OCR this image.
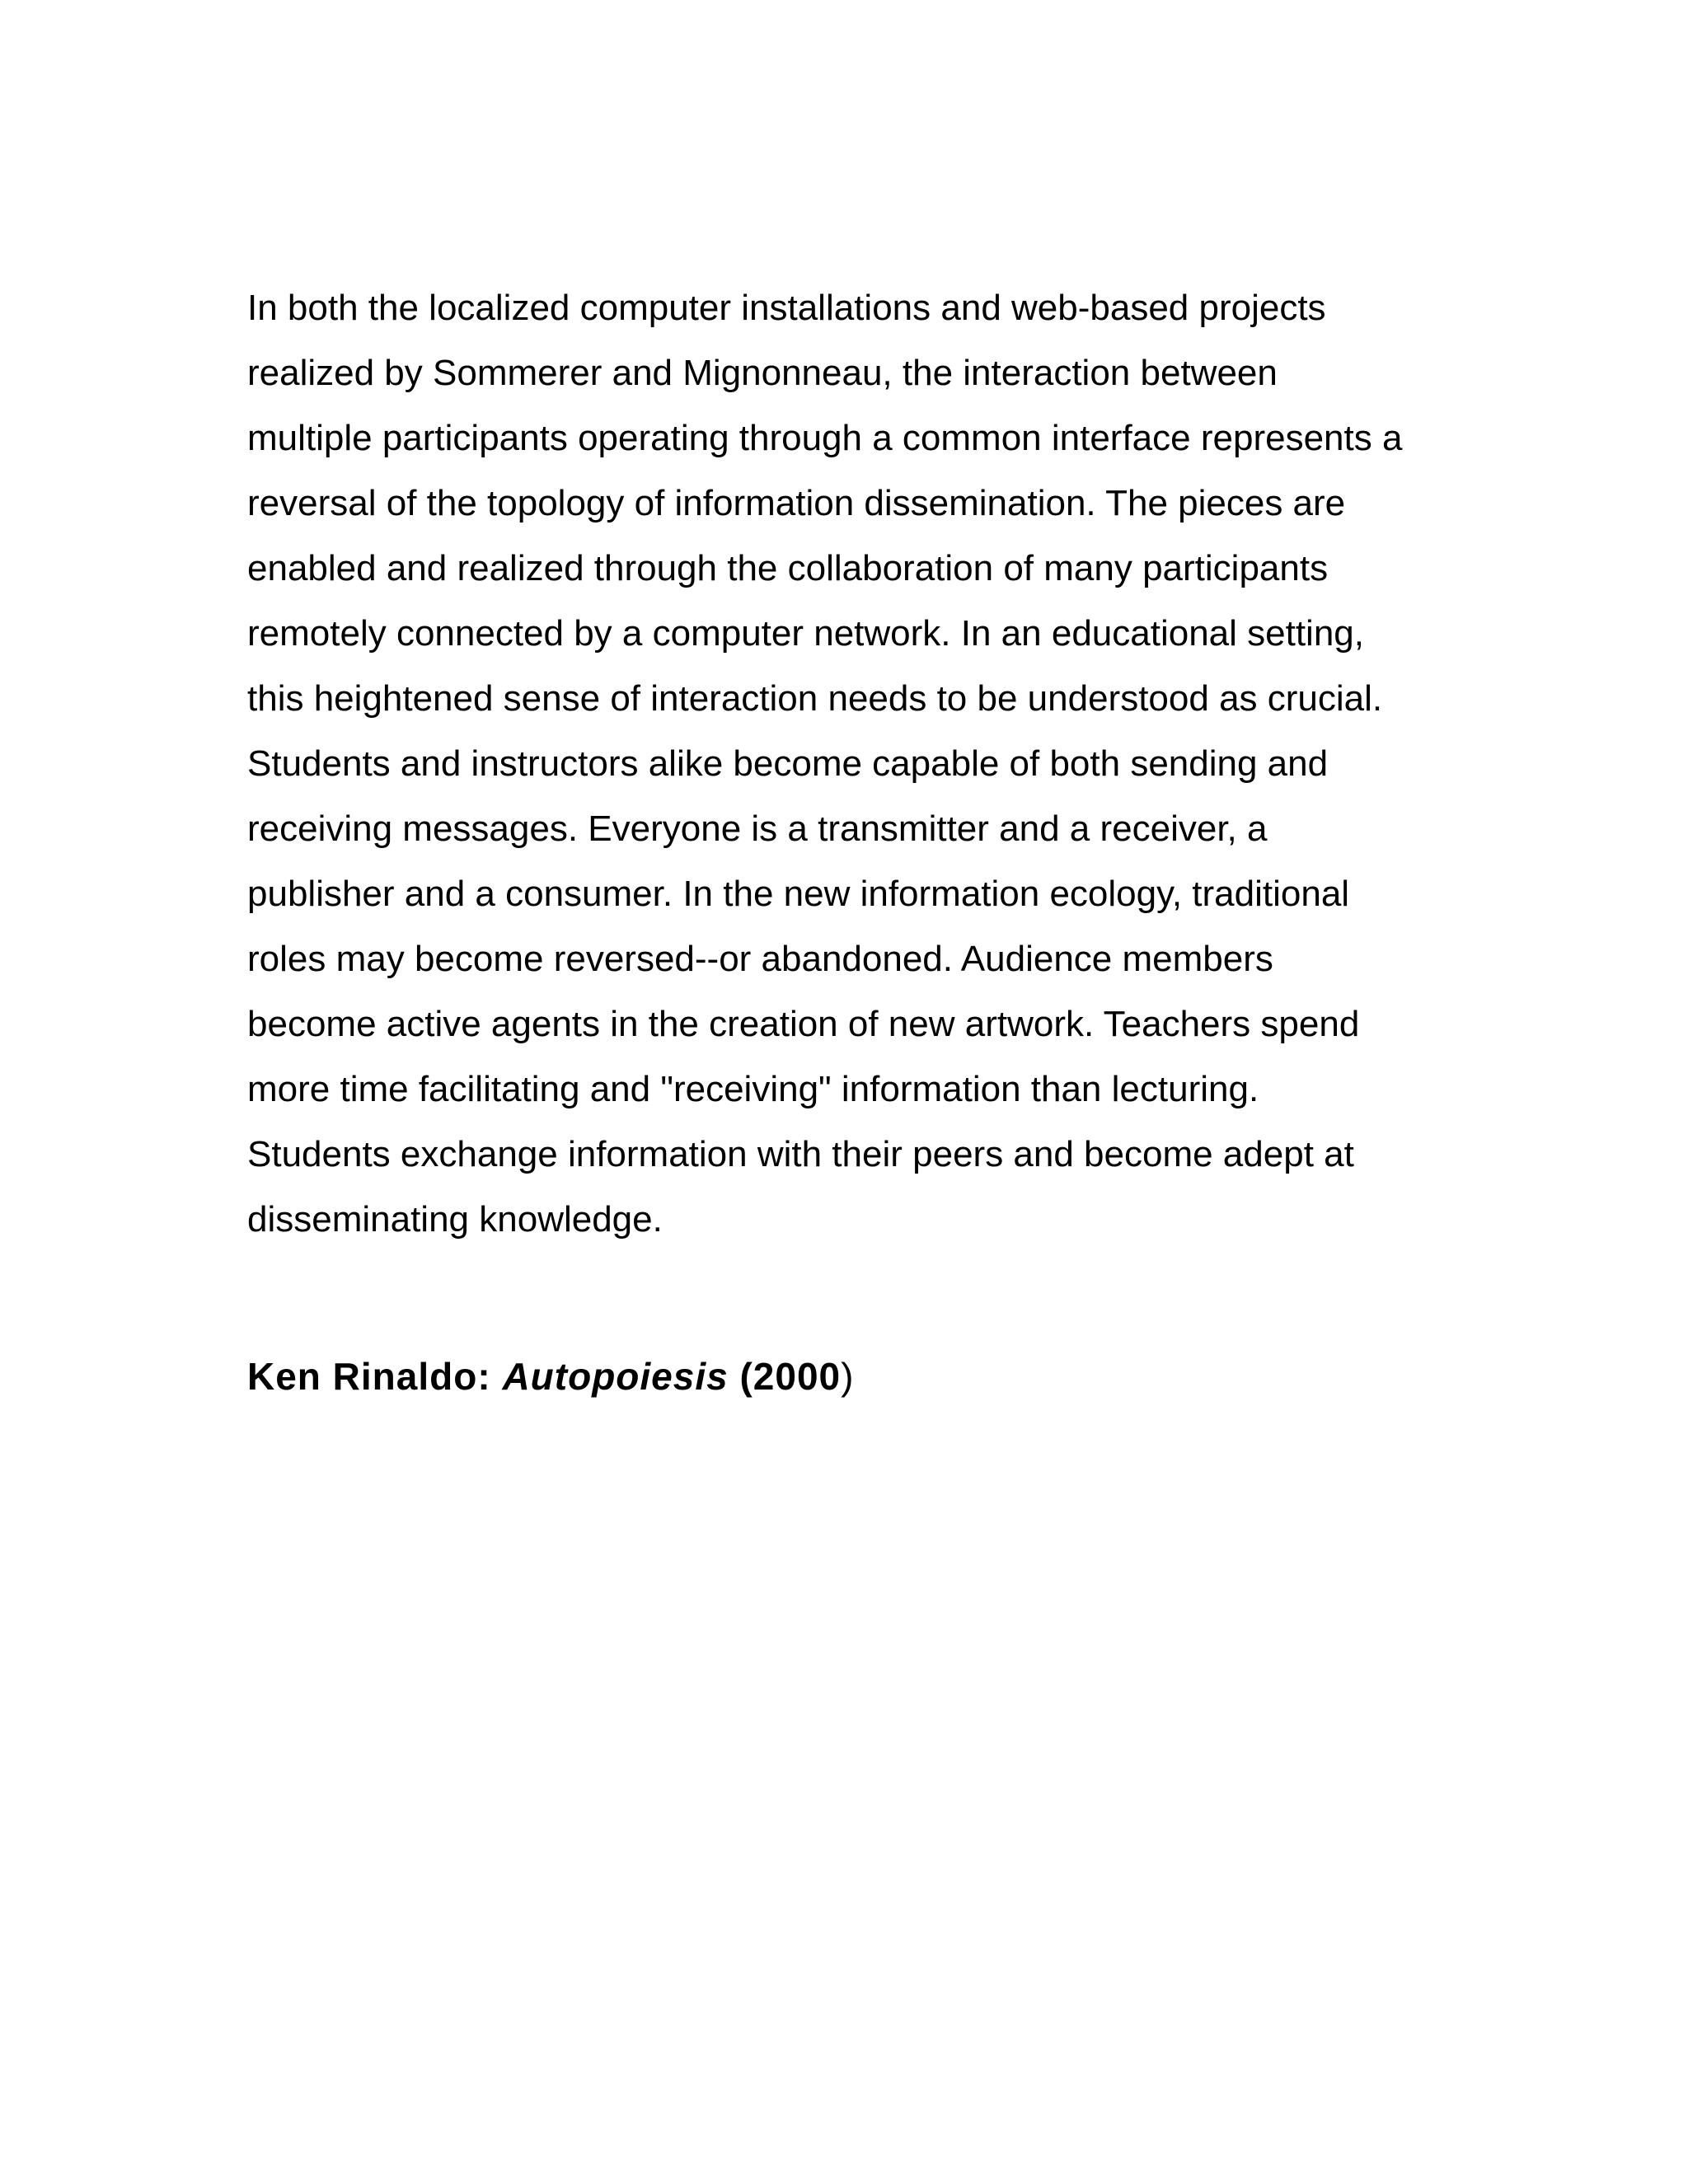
In both the localized computer installations and web-based projects
realized by Sommerer and Mignonneau, the interaction between
multiple participants operating through a common interface represents a
reversal of the topology of information dissemination. The pieces are
enabled and realized through the collaboration of many participants
remotely connected by a computer network. In an educational setting,
this heightened sense of interaction needs to be understood as crucial.
Students and instructors alike become capable of both sending and
receiving messages. Everyone is a transmitter and a receiver, a
publisher and a consumer. In the new information ecology, traditional
roles may become reversed--or abandoned. Audience members
become active agents in the creation of new artwork. Teachers spend
more time facilitating and "receiving" information than lecturing.
Students exchange information with their peers and become adept at
disseminating knowledge.

Ken Rinaldo: Autopoiesis (2000)
